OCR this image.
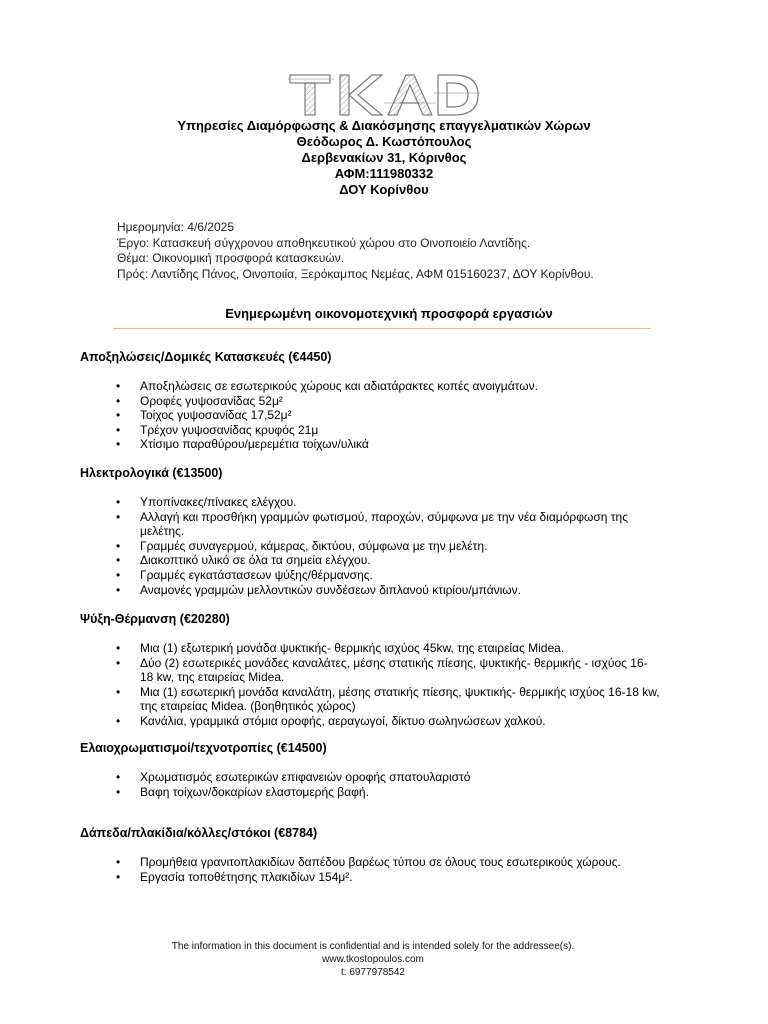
Υπηρεσίες Διαμόρφωσης & Διακόσμησης επαγγελματικών Χώρων
Θεόδωρος Δ. Κωστόπουλος
Δερβενακίων 31, Κόρινθος
ΑΦΜ:111980332
ΔΟΥ Κορίνθου
Ημερομηνία: 4/6/2025
Έργο: Κατασκευή σύγχρονου αποθηκευτικού χώρου στο Οινοποιείο Λαντίδης.
Θέμα: Οικονομική προσφορά κατασκευών.
Πρός: Λαντίδης Πάνος, Οινοποιία, Ξερόκαμπος Νεμέας, ΑΦΜ 015160237, ΔΟΥ Κορίνθου.
Ενημερωμένη οικονομοτεχνική προσφορά εργασιών
Αποξηλώσεις/Δομικές Κατασκευές (€4450)
• Αποξηλώσεις σε εσωτερικούς χώρους και αδιατάρακτες κοπές ανοιγμάτων.
• Οροφές γυψοσανίδας 52μ²
• Τοίχος γυψοσανίδας 17,52μ²
• Τρέχον γυψοσανίδας κρυφός 21μ
• Χτίσιμο παραθύρου/μερεμέτια τοίχων/υλικά
Ηλεκτρολογικά (€13500)
• Υποπίνακες/πίνακες ελέγχου.
• Αλλαγή και προσθήκη γραμμών φωτισμού, παροχών, σύμφωνα με την νέα διαμόρφωση της μελέτης.
• Γραμμές συναγερμού, κάμερας, δικτύου, σύμφωνα με την μελέτη.
• Διακοπτικό υλικό σε όλα τα σημεία ελέγχου.
• Γραμμές εγκατάστασεων ψύξης/θέρμανσης.
• Αναμονές γραμμών μελλοντικών συνδέσεων διπλανού κτιρίου/μπάνιων.
Ψύξη-Θέρμανση (€20280)
• Μια (1) εξωτερική μονάδα ψυκτικής- θερμικής ισχύος 45kw, της εταιρείας Midea.
• Δύο (2) εσωτερικές μονάδες καναλάτες, μέσης στατικής πίεσης, ψυκτικής- θερμικής - ισχύος 16-18 kw, της εταιρείας Midea.
• Μια (1) εσωτερική μονάδα καναλάτη, μέσης στατικής πίεσης, ψυκτικής- θερμικής ισχύος 16-18 kw, της εταιρείας Midea. (βοηθητικός χώρος)
• Κανάλια, γραμμικά στόμια οροφής, αεραγωγοί, δίκτυο σωληνώσεων χαλκού.
Ελαιοχρωματισμοί/τεχνοτροπίες (€14500)
• Χρωματισμός εσωτερικών επιφανειών οροφής σπατουλαριστό
• Βαφη τοίχων/δοκαρίων ελαστομερής βαφή.
Δάπεδα/πλακίδια/κόλλες/στόκοι (€8784)
• Προμήθεια γρανιτοπλακιδίων δαπέδου βαρέως τύπου σε όλους τους εσωτερικούς χώρους.
• Εργασία τοποθέτησης πλακιδίων 154μ².
The information in this document is confidential and is intended solely for the addressee(s).
www.tkostopoulos.com
t: 6977978542
